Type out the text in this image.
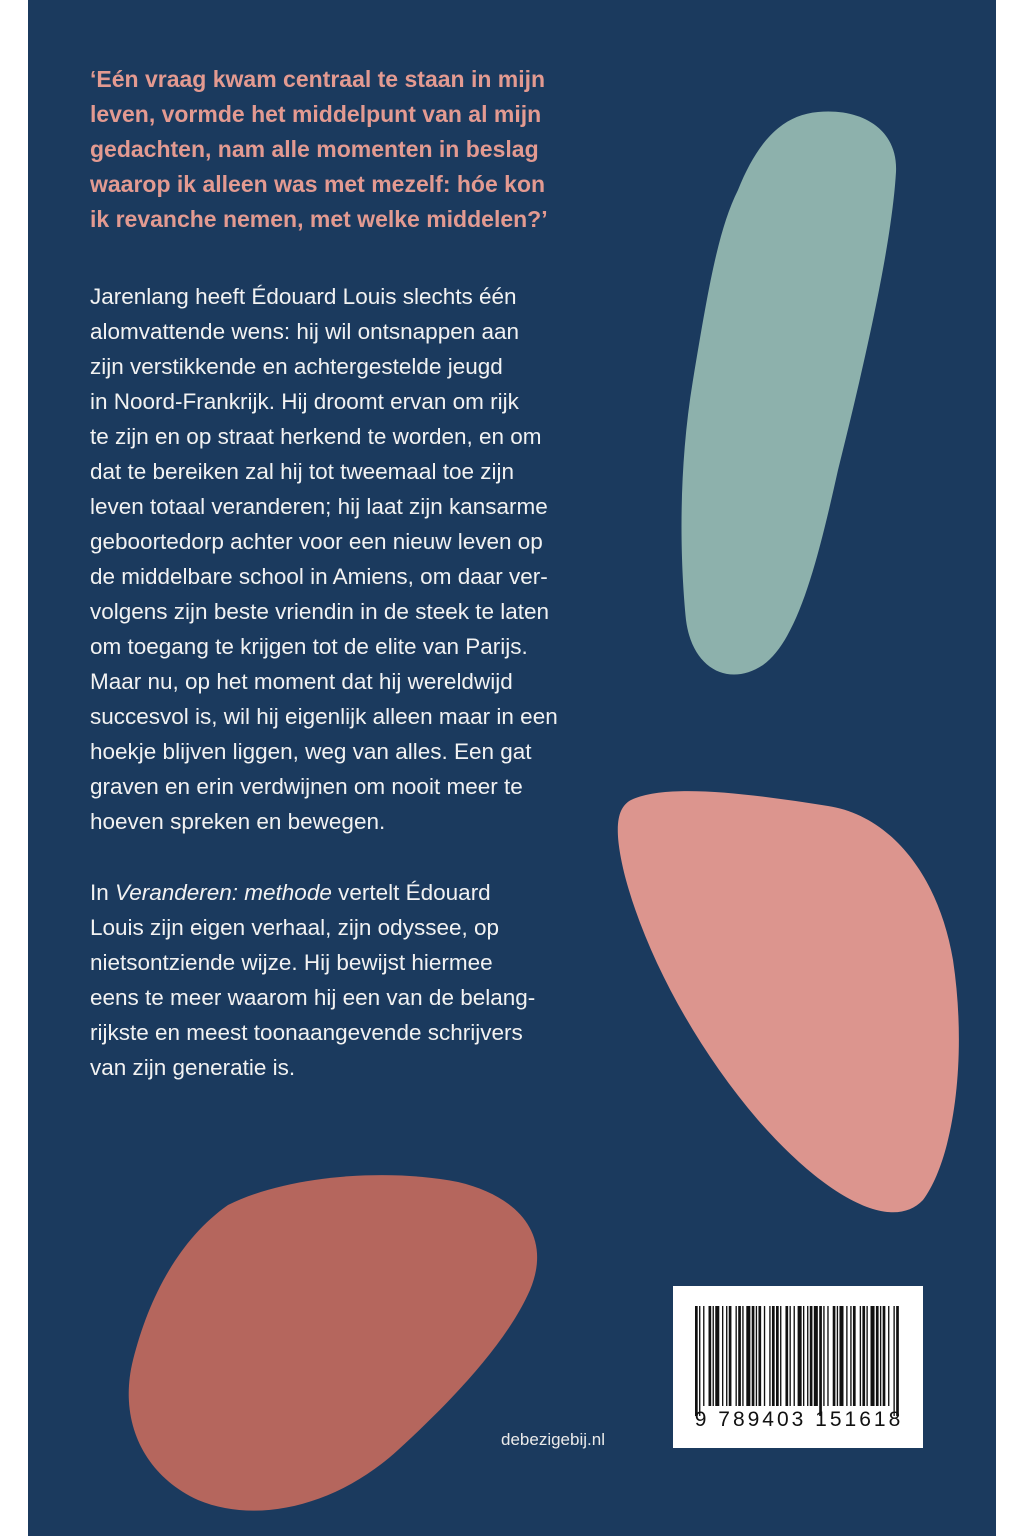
‘Eén vraag kwam centraal te staan in mijn
leven, vormde het middelpunt van al mijn
gedachten, nam alle momenten in beslag
waarop ik alleen was met mezelf: hóe kon
ik revanche nemen, met welke middelen?’

Jarenlang heeft Édouard Louis slechts één
alomvattende wens: hij wil ontsnappen aan
zijn verstikkende en achtergestelde jeugd
in Noord-Frankrijk. Hij droomt ervan om rijk
te zijn en op straat herkend te worden, en om
dat te bereiken zal hij tot tweemaal toe zijn
leven totaal veranderen; hij laat zijn kansarme
geboortedorp achter voor een nieuw leven op
de middelbare school in Amiens, om daar ver-
volgens zijn beste vriendin in de steek te laten
om toegang te krijgen tot de elite van Parijs.
Maar nu, op het moment dat hij wereldwijd
succesvol is, wil hij eigenlijk alleen maar in een
hoekje blijven liggen, weg van alles. Een gat
graven en erin verdwijnen om nooit meer te
hoeven spreken en bewegen.

In Veranderen: methode vertelt Édouard
Louis zijn eigen verhaal, zijn odyssee, op
nietsontziende wijze. Hij bewijst hiermee
eens te meer waarom hij een van de belang-
rijkste en meest toonaangevende schrijvers
van zijn generatie is.

debezigebij.nl
9 789403 151618
